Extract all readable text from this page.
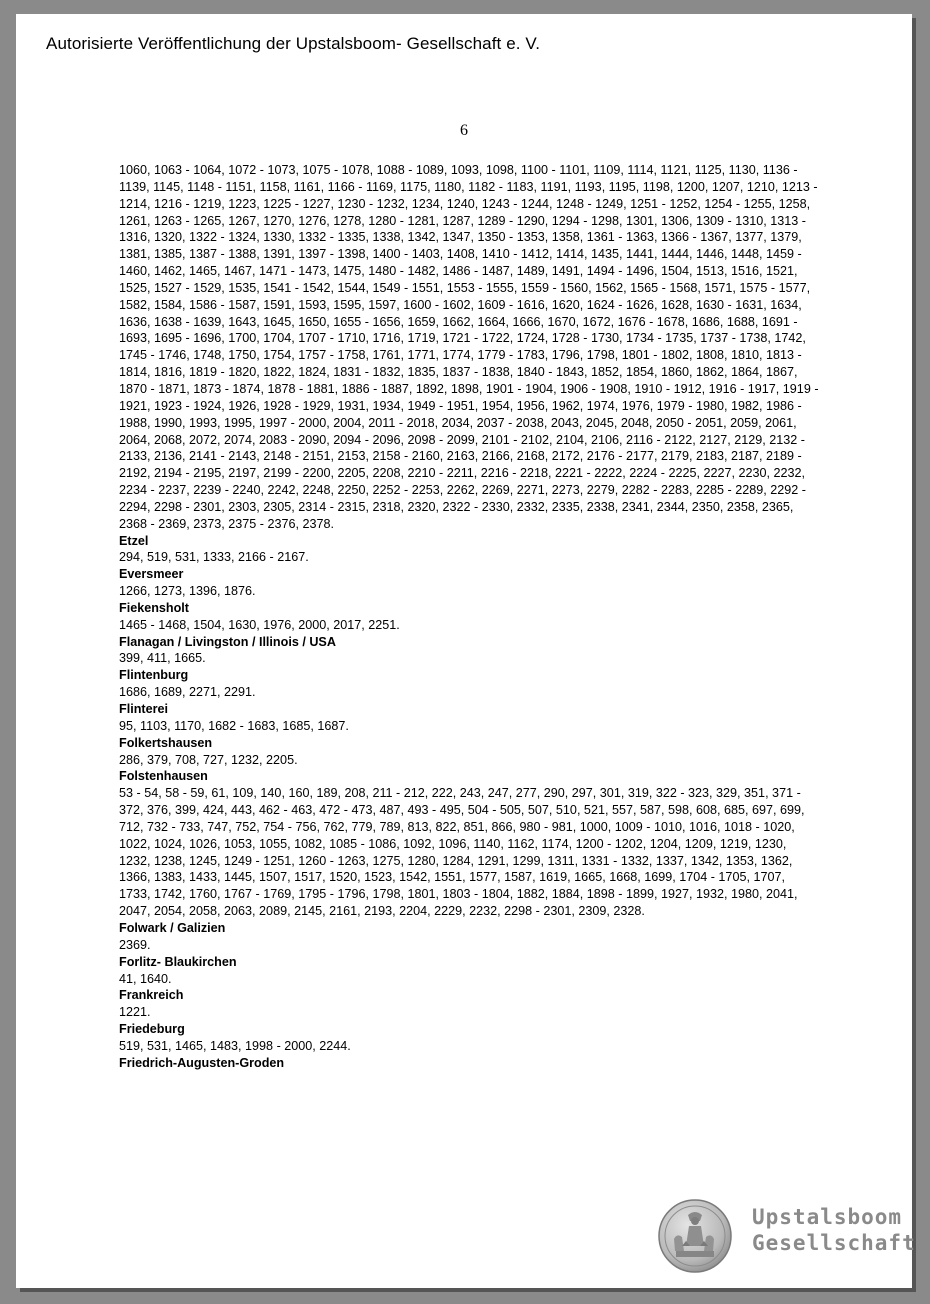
Autorisierte Veröffentlichung der Upstalsboom- Gesellschaft e. V.
6

1060, 1063 - 1064, 1072 - 1073, 1075 - 1078, 1088 - 1089, 1093, 1098, 1100 - 1101, 1109, 1114, 1121, 1125, 1130, 1136 - 1139, 1145, 1148 - 1151, 1158, 1161, 1166 - 1169, 1175, 1180, 1182 - 1183, 1191, 1193, 1195, 1198, 1200, 1207, 1210, 1213 - 1214, 1216 - 1219, 1223, 1225 - 1227, 1230 - 1232, 1234, 1240, 1243 - 1244, 1248 - 1249, 1251 - 1252, 1254 - 1255, 1258, 1261, 1263 - 1265, 1267, 1270, 1276, 1278, 1280 - 1281, 1287, 1289 - 1290, 1294 - 1298, 1301, 1306, 1309 - 1310, 1313 - 1316, 1320, 1322 - 1324, 1330, 1332 - 1335, 1338, 1342, 1347, 1350 - 1353, 1358, 1361 - 1363, 1366 - 1367, 1377, 1379, 1381, 1385, 1387 - 1388, 1391, 1397 - 1398, 1400 - 1403, 1408, 1410 - 1412, 1414, 1435, 1441, 1444, 1446, 1448, 1459 - 1460, 1462, 1465, 1467, 1471 - 1473, 1475, 1480 - 1482, 1486 - 1487, 1489, 1491, 1494 - 1496, 1504, 1513, 1516, 1521, 1525, 1527 - 1529, 1535, 1541 - 1542, 1544, 1549 - 1551, 1553 - 1555, 1559 - 1560, 1562, 1565 - 1568, 1571, 1575 - 1577, 1582, 1584, 1586 - 1587, 1591, 1593, 1595, 1597, 1600 - 1602, 1609 - 1616, 1620, 1624 - 1626, 1628, 1630 - 1631, 1634, 1636, 1638 - 1639, 1643, 1645, 1650, 1655 - 1656, 1659, 1662, 1664, 1666, 1670, 1672, 1676 - 1678, 1686, 1688, 1691 - 1693, 1695 - 1696, 1700, 1704, 1707 - 1710, 1716, 1719, 1721 - 1722, 1724, 1728 - 1730, 1734 - 1735, 1737 - 1738, 1742, 1745 - 1746, 1748, 1750, 1754, 1757 - 1758, 1761, 1771, 1774, 1779 - 1783, 1796, 1798, 1801 - 1802, 1808, 1810, 1813 - 1814, 1816, 1819 - 1820, 1822, 1824, 1831 - 1832, 1835, 1837 - 1838, 1840 - 1843, 1852, 1854, 1860, 1862, 1864, 1867, 1870 - 1871, 1873 - 1874, 1878 - 1881, 1886 - 1887, 1892, 1898, 1901 - 1904, 1906 - 1908, 1910 - 1912, 1916 - 1917, 1919 - 1921, 1923 - 1924, 1926, 1928 - 1929, 1931, 1934, 1949 - 1951, 1954, 1956, 1962, 1974, 1976, 1979 - 1980, 1982, 1986 - 1988, 1990, 1993, 1995, 1997 - 2000, 2004, 2011 - 2018, 2034, 2037 - 2038, 2043, 2045, 2048, 2050 - 2051, 2059, 2061, 2064, 2068, 2072, 2074, 2083 - 2090, 2094 - 2096, 2098 - 2099, 2101 - 2102, 2104, 2106, 2116 - 2122, 2127, 2129, 2132 - 2133, 2136, 2141 - 2143, 2148 - 2151, 2153, 2158 - 2160, 2163, 2166, 2168, 2172, 2176 - 2177, 2179, 2183, 2187, 2189 - 2192, 2194 - 2195, 2197, 2199 - 2200, 2205, 2208, 2210 - 2211, 2216 - 2218, 2221 - 2222, 2224 - 2225, 2227, 2230, 2232, 2234 - 2237, 2239 - 2240, 2242, 2248, 2250, 2252 - 2253, 2262, 2269, 2271, 2273, 2279, 2282 - 2283, 2285 - 2289, 2292 - 2294, 2298 - 2301, 2303, 2305, 2314 - 2315, 2318, 2320, 2322 - 2330, 2332, 2335, 2338, 2341, 2344, 2350, 2358, 2365, 2368 - 2369, 2373, 2375 - 2376, 2378.

Etzel

294, 519, 531, 1333, 2166 - 2167.

Eversmeer

1266, 1273, 1396, 1876.

Fiekensholt

1465 - 1468, 1504, 1630, 1976, 2000, 2017, 2251.

Flanagan / Livingston / Illinois / USA

399, 411, 1665.

Flintenburg

1686, 1689, 2271, 2291.

Flinterei

95, 1103, 1170, 1682 - 1683, 1685, 1687.

Folkertshausen

286, 379, 708, 727, 1232, 2205.

Folstenhausen

53 - 54, 58 - 59, 61, 109, 140, 160, 189, 208, 211 - 212, 222, 243, 247, 277, 290, 297, 301, 319, 322 - 323, 329, 351, 371 - 372, 376, 399, 424, 443, 462 - 463, 472 - 473, 487, 493 - 495, 504 - 505, 507, 510, 521, 557, 587, 598, 608, 685, 697, 699, 712, 732 - 733, 747, 752, 754 - 756, 762, 779, 789, 813, 822, 851, 866, 980 - 981, 1000, 1009 - 1010, 1016, 1018 - 1020, 1022, 1024, 1026, 1053, 1055, 1082, 1085 - 1086, 1092, 1096, 1140, 1162, 1174, 1200 - 1202, 1204, 1209, 1219, 1230, 1232, 1238, 1245, 1249 - 1251, 1260 - 1263, 1275, 1280, 1284, 1291, 1299, 1311, 1331 - 1332, 1337, 1342, 1353, 1362, 1366, 1383, 1433, 1445, 1507, 1517, 1520, 1523, 1542, 1551, 1577, 1587, 1619, 1665, 1668, 1699, 1704 - 1705, 1707, 1733, 1742, 1760, 1767 - 1769, 1795 - 1796, 1798, 1801, 1803 - 1804, 1882, 1884, 1898 - 1899, 1927, 1932, 1980, 2041, 2047, 2054, 2058, 2063, 2089, 2145, 2161, 2193, 2204, 2229, 2232, 2298 - 2301, 2309, 2328.

Folwark / Galizien

2369.

Forlitz- Blaukirchen

41, 1640.

Frankreich

1221.

Friedeburg

519, 531, 1465, 1483, 1998 - 2000, 2244.

Friedrich-Augusten-Groden

Upstalsboom
Gesellschaft
